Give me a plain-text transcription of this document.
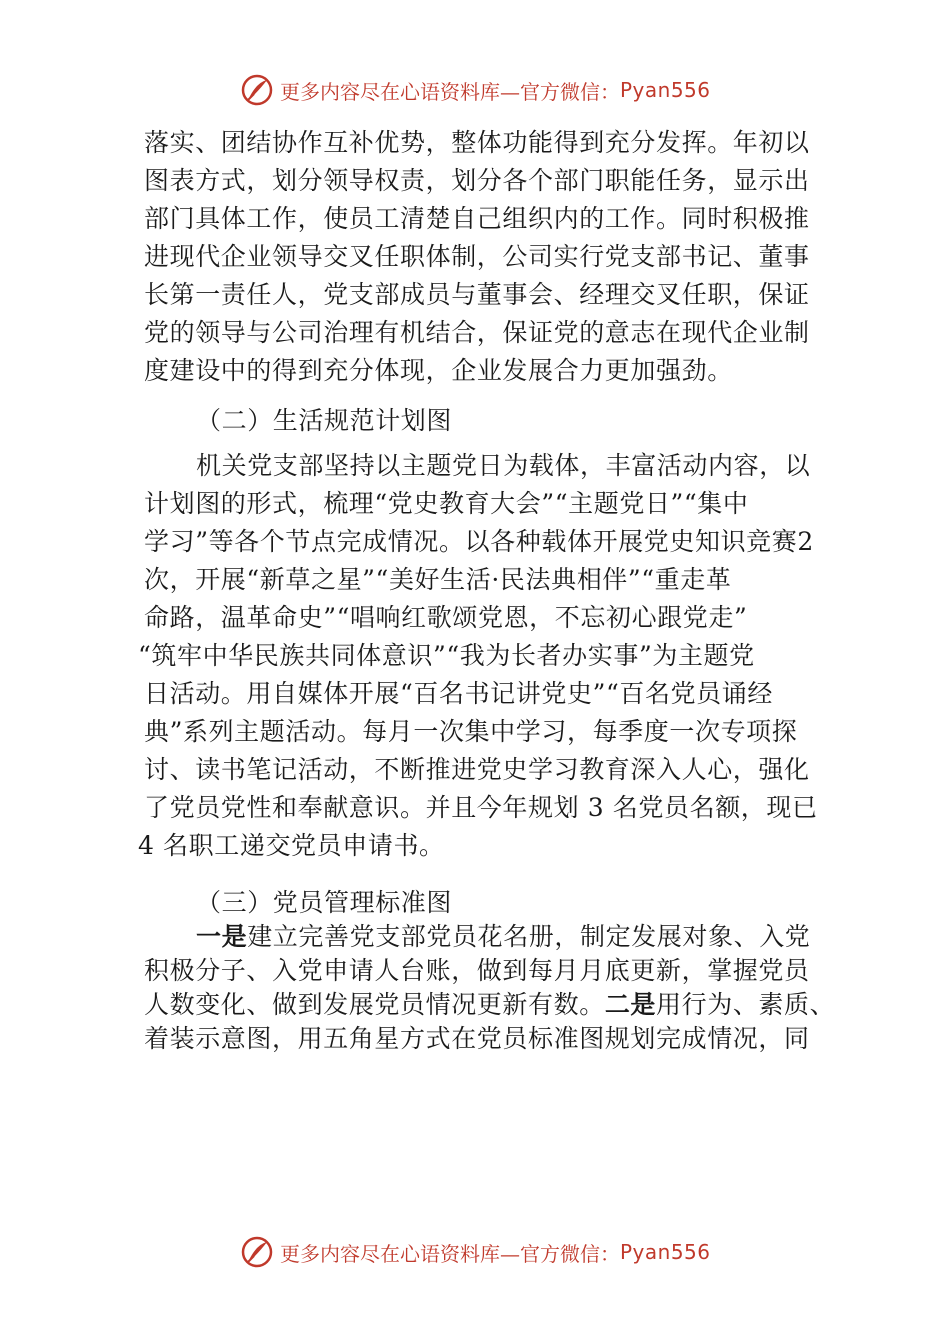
更多内容尽在心语资料库—官方微信： Pyan556
落实、团结协作互补优势，整体功能得到充分发挥。年初以
图表方式，划分领导权责，划分各个部门职能任务，显示出
部门具体工作，使员工清楚自己组织内的工作。同时积极推
进现代企业领导交叉任职体制，公司实行党支部书记、董事
长第一责任人，党支部成员与董事会、经理交叉任职，保证
党的领导与公司治理有机结合，保证党的意志在现代企业制
度建设中的得到充分体现，企业发展合力更加强劲。
（二）生活规范计划图
机关党支部坚持以主题党日为载体，丰富活动内容，以
计划图的形式，梳理“党史教育大会”“主题党日”“集中
学习”等各个节点完成情况。以各种载体开展党史知识竞赛2
次，开展“新草之星”“美好生活·民法典相伴”“重走革
命路，温革命史”“唱响红歌颂党恩，不忘初心跟党走”
“筑牢中华民族共同体意识”“我为长者办实事”为主题党
日活动。用自媒体开展“百名书记讲党史”“百名党员诵经
典”系列主题活动。每月一次集中学习，每季度一次专项探
讨、读书笔记活动，不断推进党史学习教育深入人心，强化
了党员党性和奉献意识。并且今年规划 3 名党员名额，现已
4 名职工递交党员申请书。
（三）党员管理标准图
一是建立完善党支部党员花名册，制定发展对象、入党
积极分子、入党申请人台账，做到每月月底更新，掌握党员
人数变化、做到发展党员情况更新有数。二是用行为、素质、
着装示意图，用五角星方式在党员标准图规划完成情况，同
更多内容尽在心语资料库—官方微信： Pyan556
